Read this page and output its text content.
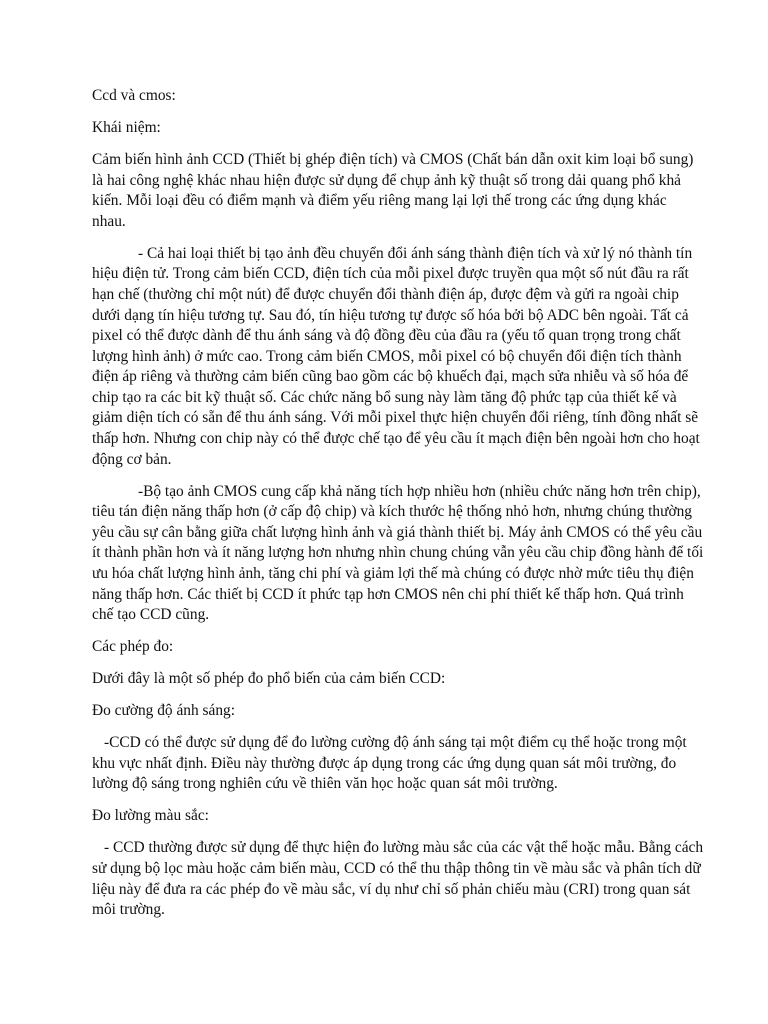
Ccd và cmos:

Khái niệm:

Cảm biến hình ảnh CCD (Thiết bị ghép điện tích) và CMOS (Chất bán dẫn oxit kim loại bổ sung) là hai công nghệ khác nhau hiện được sử dụng để chụp ảnh kỹ thuật số trong dải quang phổ khả kiến. Mỗi loại đều có điểm mạnh và điểm yếu riêng mang lại lợi thế trong các ứng dụng khác nhau.

- Cả hai loại thiết bị tạo ảnh đều chuyển đổi ánh sáng thành điện tích và xử lý nó thành tín hiệu điện tử. Trong cảm biến CCD, điện tích của mỗi pixel được truyền qua một số nút đầu ra rất hạn chế (thường chỉ một nút) để được chuyển đổi thành điện áp, được đệm và gửi ra ngoài chip dưới dạng tín hiệu tương tự. Sau đó, tín hiệu tương tự được số hóa bởi bộ ADC bên ngoài. Tất cả pixel có thể được dành để thu ánh sáng và độ đồng đều của đầu ra (yếu tố quan trọng trong chất lượng hình ảnh) ở mức cao. Trong cảm biến CMOS, mỗi pixel có bộ chuyển đổi điện tích thành điện áp riêng và thường cảm biến cũng bao gồm các bộ khuếch đại, mạch sửa nhiễu và số hóa để chip tạo ra các bit kỹ thuật số. Các chức năng bổ sung này làm tăng độ phức tạp của thiết kế và giảm diện tích có sẵn để thu ánh sáng. Với mỗi pixel thực hiện chuyển đổi riêng, tính đồng nhất sẽ thấp hơn. Nhưng con chip này có thể được chế tạo để yêu cầu ít mạch điện bên ngoài hơn cho hoạt động cơ bản.

-Bộ tạo ảnh CMOS cung cấp khả năng tích hợp nhiều hơn (nhiều chức năng hơn trên chip), tiêu tán điện năng thấp hơn (ở cấp độ chip) và kích thước hệ thống nhỏ hơn, nhưng chúng thường yêu cầu sự cân bằng giữa chất lượng hình ảnh và giá thành thiết bị. Máy ảnh CMOS có thể yêu cầu ít thành phần hơn và ít năng lượng hơn nhưng nhìn chung chúng vẫn yêu cầu chip đồng hành để tối ưu hóa chất lượng hình ảnh, tăng chi phí và giảm lợi thế mà chúng có được nhờ mức tiêu thụ điện năng thấp hơn. Các thiết bị CCD ít phức tạp hơn CMOS nên chi phí thiết kế thấp hơn. Quá trình chế tạo CCD cũng.

Các phép đo:

Dưới đây là một số phép đo phổ biến của cảm biến CCD:

Đo cường độ ánh sáng:

-CCD có thể được sử dụng để đo lường cường độ ánh sáng tại một điểm cụ thể hoặc trong một khu vực nhất định. Điều này thường được áp dụng trong các ứng dụng quan sát môi trường, đo lường độ sáng trong nghiên cứu về thiên văn học hoặc quan sát môi trường.

Đo lường màu sắc:

- CCD thường được sử dụng để thực hiện đo lường màu sắc của các vật thể hoặc mẫu. Bằng cách sử dụng bộ lọc màu hoặc cảm biến màu, CCD có thể thu thập thông tin về màu sắc và phân tích dữ liệu này để đưa ra các phép đo về màu sắc, ví dụ như chỉ số phản chiếu màu (CRI) trong quan sát môi trường.
